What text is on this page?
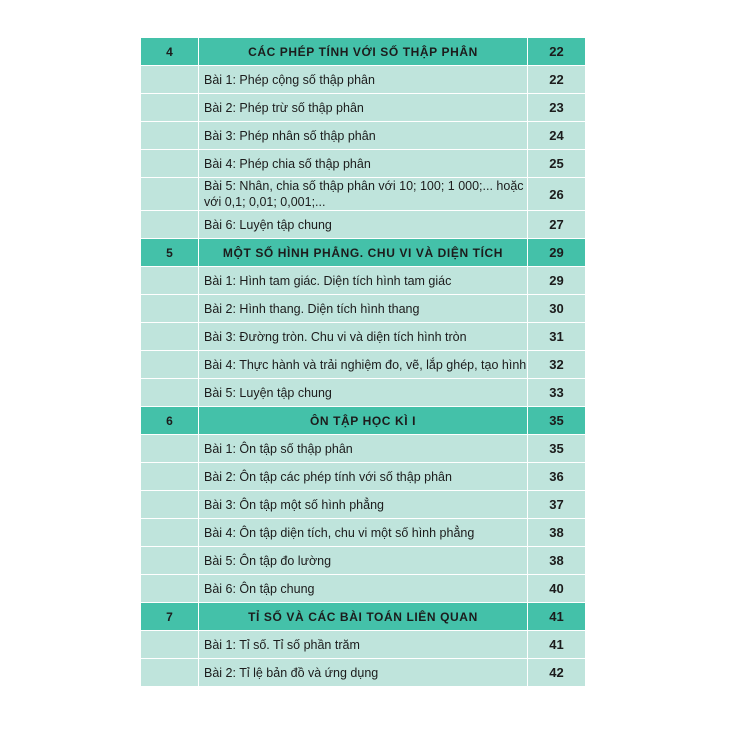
4	CÁC PHÉP TÍNH VỚI SỐ THẬP PHÂN	22
	Bài 1: Phép cộng số thập phân	22
	Bài 2: Phép trừ số thập phân	23
	Bài 3: Phép nhân số thập phân	24
	Bài 4: Phép chia số thập phân	25
	Bài 5: Nhân, chia số thập phân với 10; 100; 1 000;... hoặc với 0,1; 0,01; 0,001;...	26
	Bài 6: Luyện tập chung	27
5	MỘT SỐ HÌNH PHẲNG. CHU VI VÀ DIỆN TÍCH	29
	Bài 1: Hình tam giác. Diện tích hình tam giác	29
	Bài 2: Hình thang. Diện tích hình thang	30
	Bài 3: Đường tròn. Chu vi và diện tích hình tròn	31
	Bài 4: Thực hành và trải nghiệm đo, vẽ, lắp ghép, tạo hình	32
	Bài 5: Luyện tập chung	33
6	ÔN TẬP HỌC KÌ I	35
	Bài 1: Ôn tập số thập phân	35
	Bài 2: Ôn tập các phép tính với số thập phân	36
	Bài 3: Ôn tập một số hình phẳng	37
	Bài 4: Ôn tập diện tích, chu vi một số hình phẳng	38
	Bài 5: Ôn tập đo lường	38
	Bài 6: Ôn tập chung	40
7	TỈ SỐ VÀ CÁC BÀI TOÁN LIÊN QUAN	41
	Bài 1: Tỉ số. Tỉ số phần trăm	41
	Bài 2: Tỉ lệ bản đồ và ứng dụng	42
